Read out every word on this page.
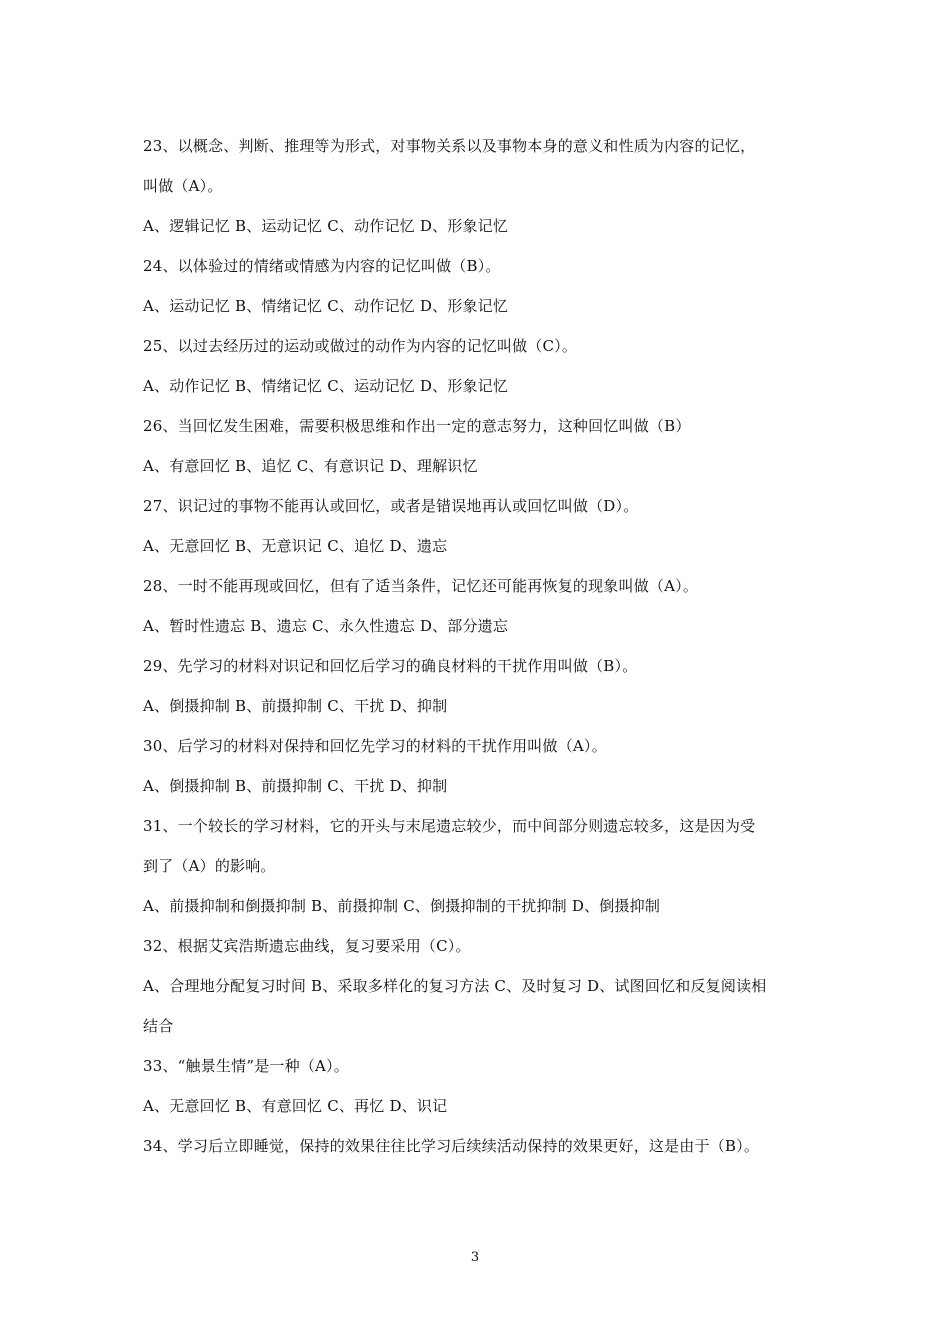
23、以概念、判断、推理等为形式，对事物关系以及事物本身的意义和性质为内容的记忆，
叫做（A）。
A、逻辑记忆 B、运动记忆 C、动作记忆 D、形象记忆
24、以体验过的情绪或情感为内容的记忆叫做（B）。
A、运动记忆 B、情绪记忆 C、动作记忆 D、形象记忆
25、以过去经历过的运动或做过的动作为内容的记忆叫做（C）。
A、动作记忆 B、情绪记忆 C、运动记忆 D、形象记忆
26、当回忆发生困难，需要积极思维和作出一定的意志努力，这种回忆叫做（B）
A、有意回忆 B、追忆 C、有意识记 D、理解识忆
27、识记过的事物不能再认或回忆，或者是错误地再认或回忆叫做（D）。
A、无意回忆 B、无意识记 C、追忆 D、遗忘
28、一时不能再现或回忆，但有了适当条件，记忆还可能再恢复的现象叫做（A）。
A、暂时性遗忘 B、遗忘 C、永久性遗忘 D、部分遗忘
29、先学习的材料对识记和回忆后学习的确良材料的干扰作用叫做（B）。
A、倒摄抑制 B、前摄抑制 C、干扰 D、抑制
30、后学习的材料对保持和回忆先学习的材料的干扰作用叫做（A）。
A、倒摄抑制 B、前摄抑制 C、干扰 D、抑制
31、一个较长的学习材料，它的开头与末尾遗忘较少，而中间部分则遗忘较多，这是因为受
到了（A）的影响。
A、前摄抑制和倒摄抑制 B、前摄抑制 C、倒摄抑制的干扰抑制 D、倒摄抑制
32、根据艾宾浩斯遗忘曲线，复习要采用（C）。
A、合理地分配复习时间 B、采取多样化的复习方法 C、及时复习 D、试图回忆和反复阅读相
结合
33、“触景生情”是一种（A）。
A、无意回忆 B、有意回忆 C、再忆 D、识记
34、学习后立即睡觉，保持的效果往往比学习后续续活动保持的效果更好，这是由于（B）。
3
